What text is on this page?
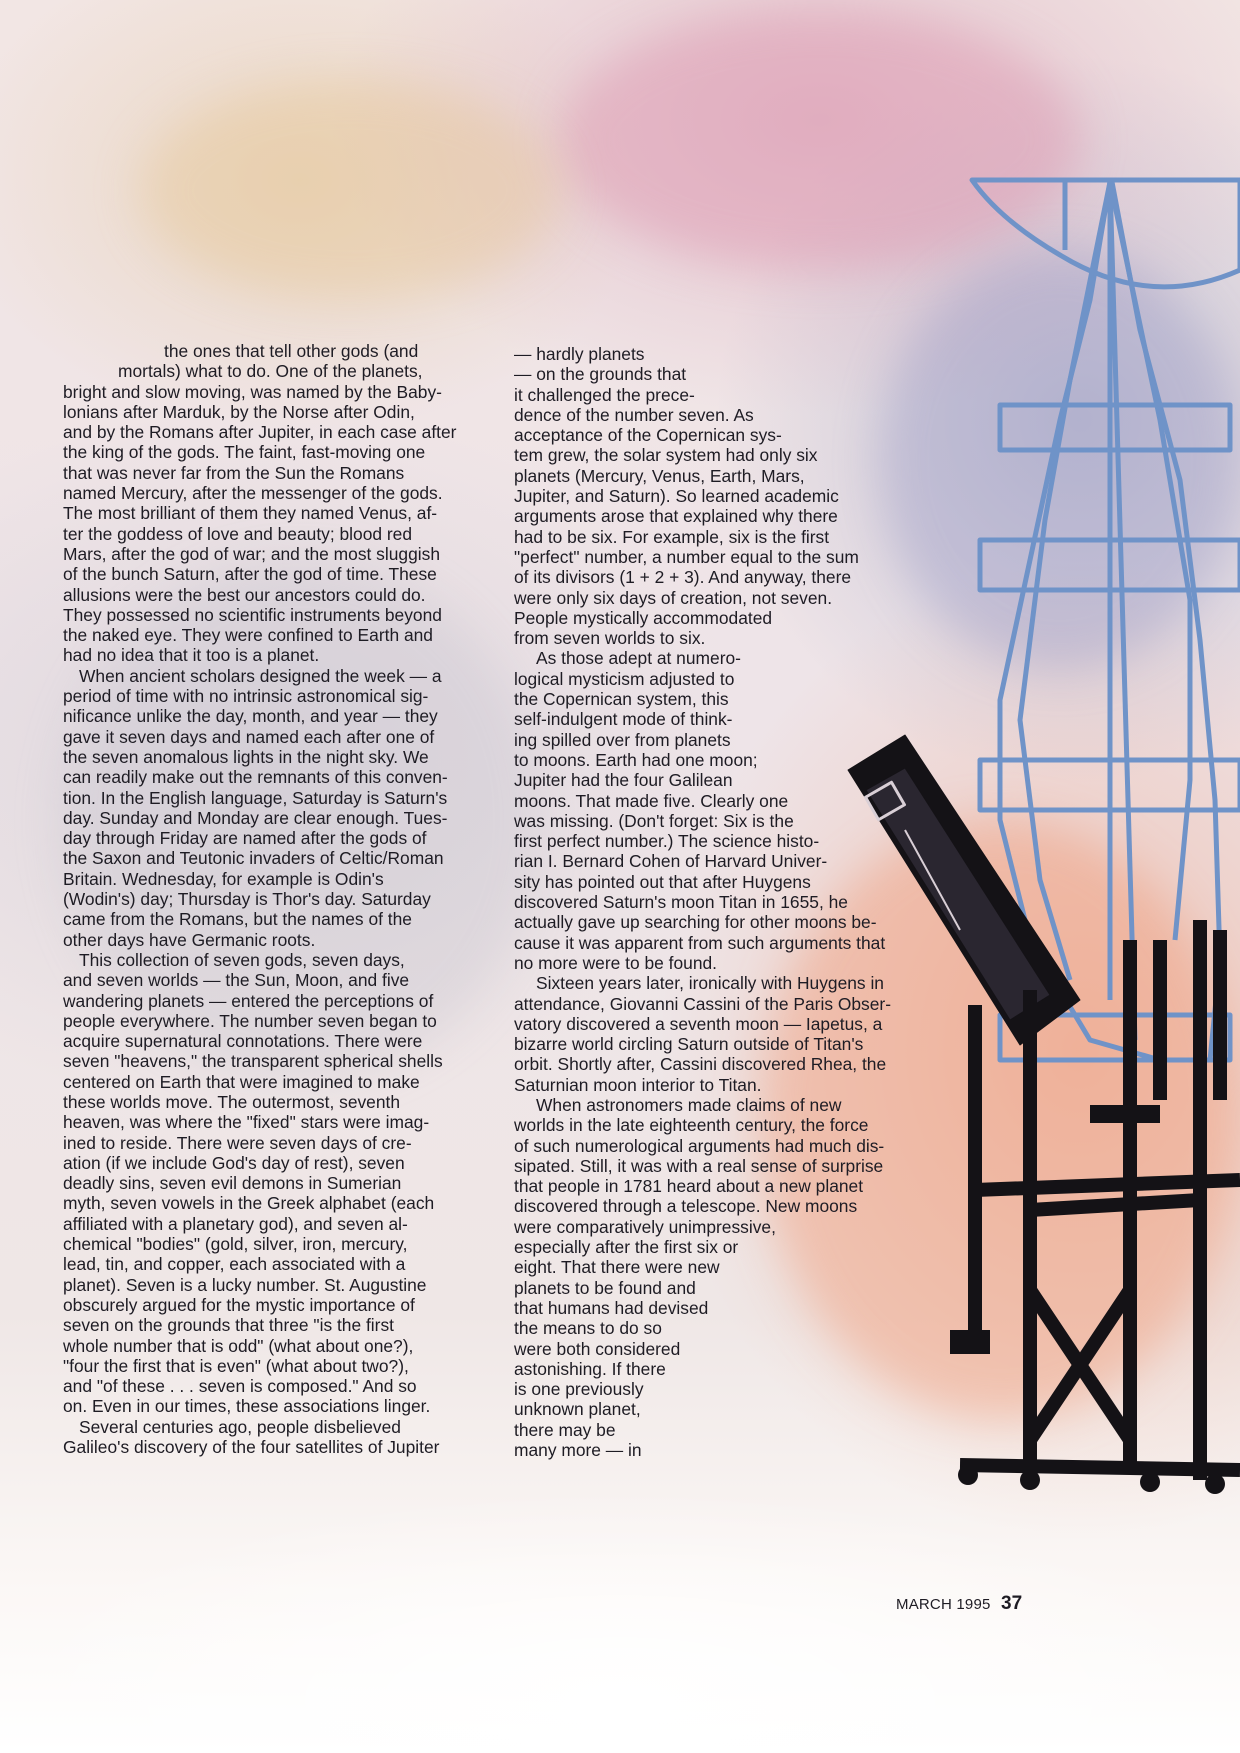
the ones that tell other gods (and
mortals) what to do. One of the planets,
bright and slow moving, was named by the Baby-
lonians after Marduk, by the Norse after Odin,
and by the Romans after Jupiter, in each case after
the king of the gods. The faint, fast-moving one
that was never far from the Sun the Romans
named Mercury, after the messenger of the gods.
The most brilliant of them they named Venus, af-
ter the goddess of love and beauty; blood red
Mars, after the god of war; and the most sluggish
of the bunch Saturn, after the god of time. These
allusions were the best our ancestors could do.
They possessed no scientific instruments beyond
the naked eye. They were confined to Earth and
had no idea that it too is a planet.
When ancient scholars designed the week — a
period of time with no intrinsic astronomical sig-
nificance unlike the day, month, and year — they
gave it seven days and named each after one of
the seven anomalous lights in the night sky. We
can readily make out the remnants of this conven-
tion. In the English language, Saturday is Saturn's
day. Sunday and Monday are clear enough. Tues-
day through Friday are named after the gods of
the Saxon and Teutonic invaders of Celtic/Roman
Britain. Wednesday, for example is Odin's
(Wodin's) day; Thursday is Thor's day. Saturday
came from the Romans, but the names of the
other days have Germanic roots.
This collection of seven gods, seven days,
and seven worlds — the Sun, Moon, and five
wandering planets — entered the perceptions of
people everywhere. The number seven began to
acquire supernatural connotations. There were
seven "heavens," the transparent spherical shells
centered on Earth that were imagined to make
these worlds move. The outermost, seventh
heaven, was where the "fixed" stars were imag-
ined to reside. There were seven days of cre-
ation (if we include God's day of rest), seven
deadly sins, seven evil demons in Sumerian
myth, seven vowels in the Greek alphabet (each
affiliated with a planetary god), and seven al-
chemical "bodies" (gold, silver, iron, mercury,
lead, tin, and copper, each associated with a
planet). Seven is a lucky number. St. Augustine
obscurely argued for the mystic importance of
seven on the grounds that three "is the first
whole number that is odd" (what about one?),
"four the first that is even" (what about two?),
and "of these . . . seven is composed." And so
on. Even in our times, these associations linger.
Several centuries ago, people disbelieved
Galileo's discovery of the four satellites of Jupiter
— hardly planets
— on the grounds that
it challenged the prece-
dence of the number seven. As
acceptance of the Copernican sys-
tem grew, the solar system had only six
planets (Mercury, Venus, Earth, Mars,
Jupiter, and Saturn). So learned academic
arguments arose that explained why there
had to be six. For example, six is the first
"perfect" number, a number equal to the sum
of its divisors (1 + 2 + 3). And anyway, there
were only six days of creation, not seven.
People mystically accommodated
from seven worlds to six.
As those adept at numero-
logical mysticism adjusted to
the Copernican system, this
self-indulgent mode of think-
ing spilled over from planets
to moons. Earth had one moon;
Jupiter had the four Galilean
moons. That made five. Clearly one
was missing. (Don't forget: Six is the
first perfect number.) The science histo-
rian I. Bernard Cohen of Harvard Univer-
sity has pointed out that after Huygens
discovered Saturn's moon Titan in 1655, he
actually gave up searching for other moons be-
cause it was apparent from such arguments that
no more were to be found.
Sixteen years later, ironically with Huygens in
attendance, Giovanni Cassini of the Paris Obser-
vatory discovered a seventh moon — Iapetus, a
bizarre world circling Saturn outside of Titan's
orbit. Shortly after, Cassini discovered Rhea, the
Saturnian moon interior to Titan.
When astronomers made claims of new
worlds in the late eighteenth century, the force
of such numerological arguments had much dis-
sipated. Still, it was with a real sense of surprise
that people in 1781 heard about a new planet
discovered through a telescope. New moons
were comparatively unimpressive,
especially after the first six or
eight. That there were new
planets to be found and
that humans had devised
the means to do so
were both considered
astonishing. If there
is one previously
unknown planet,
there may be
many more — in
MARCH 1995 37
